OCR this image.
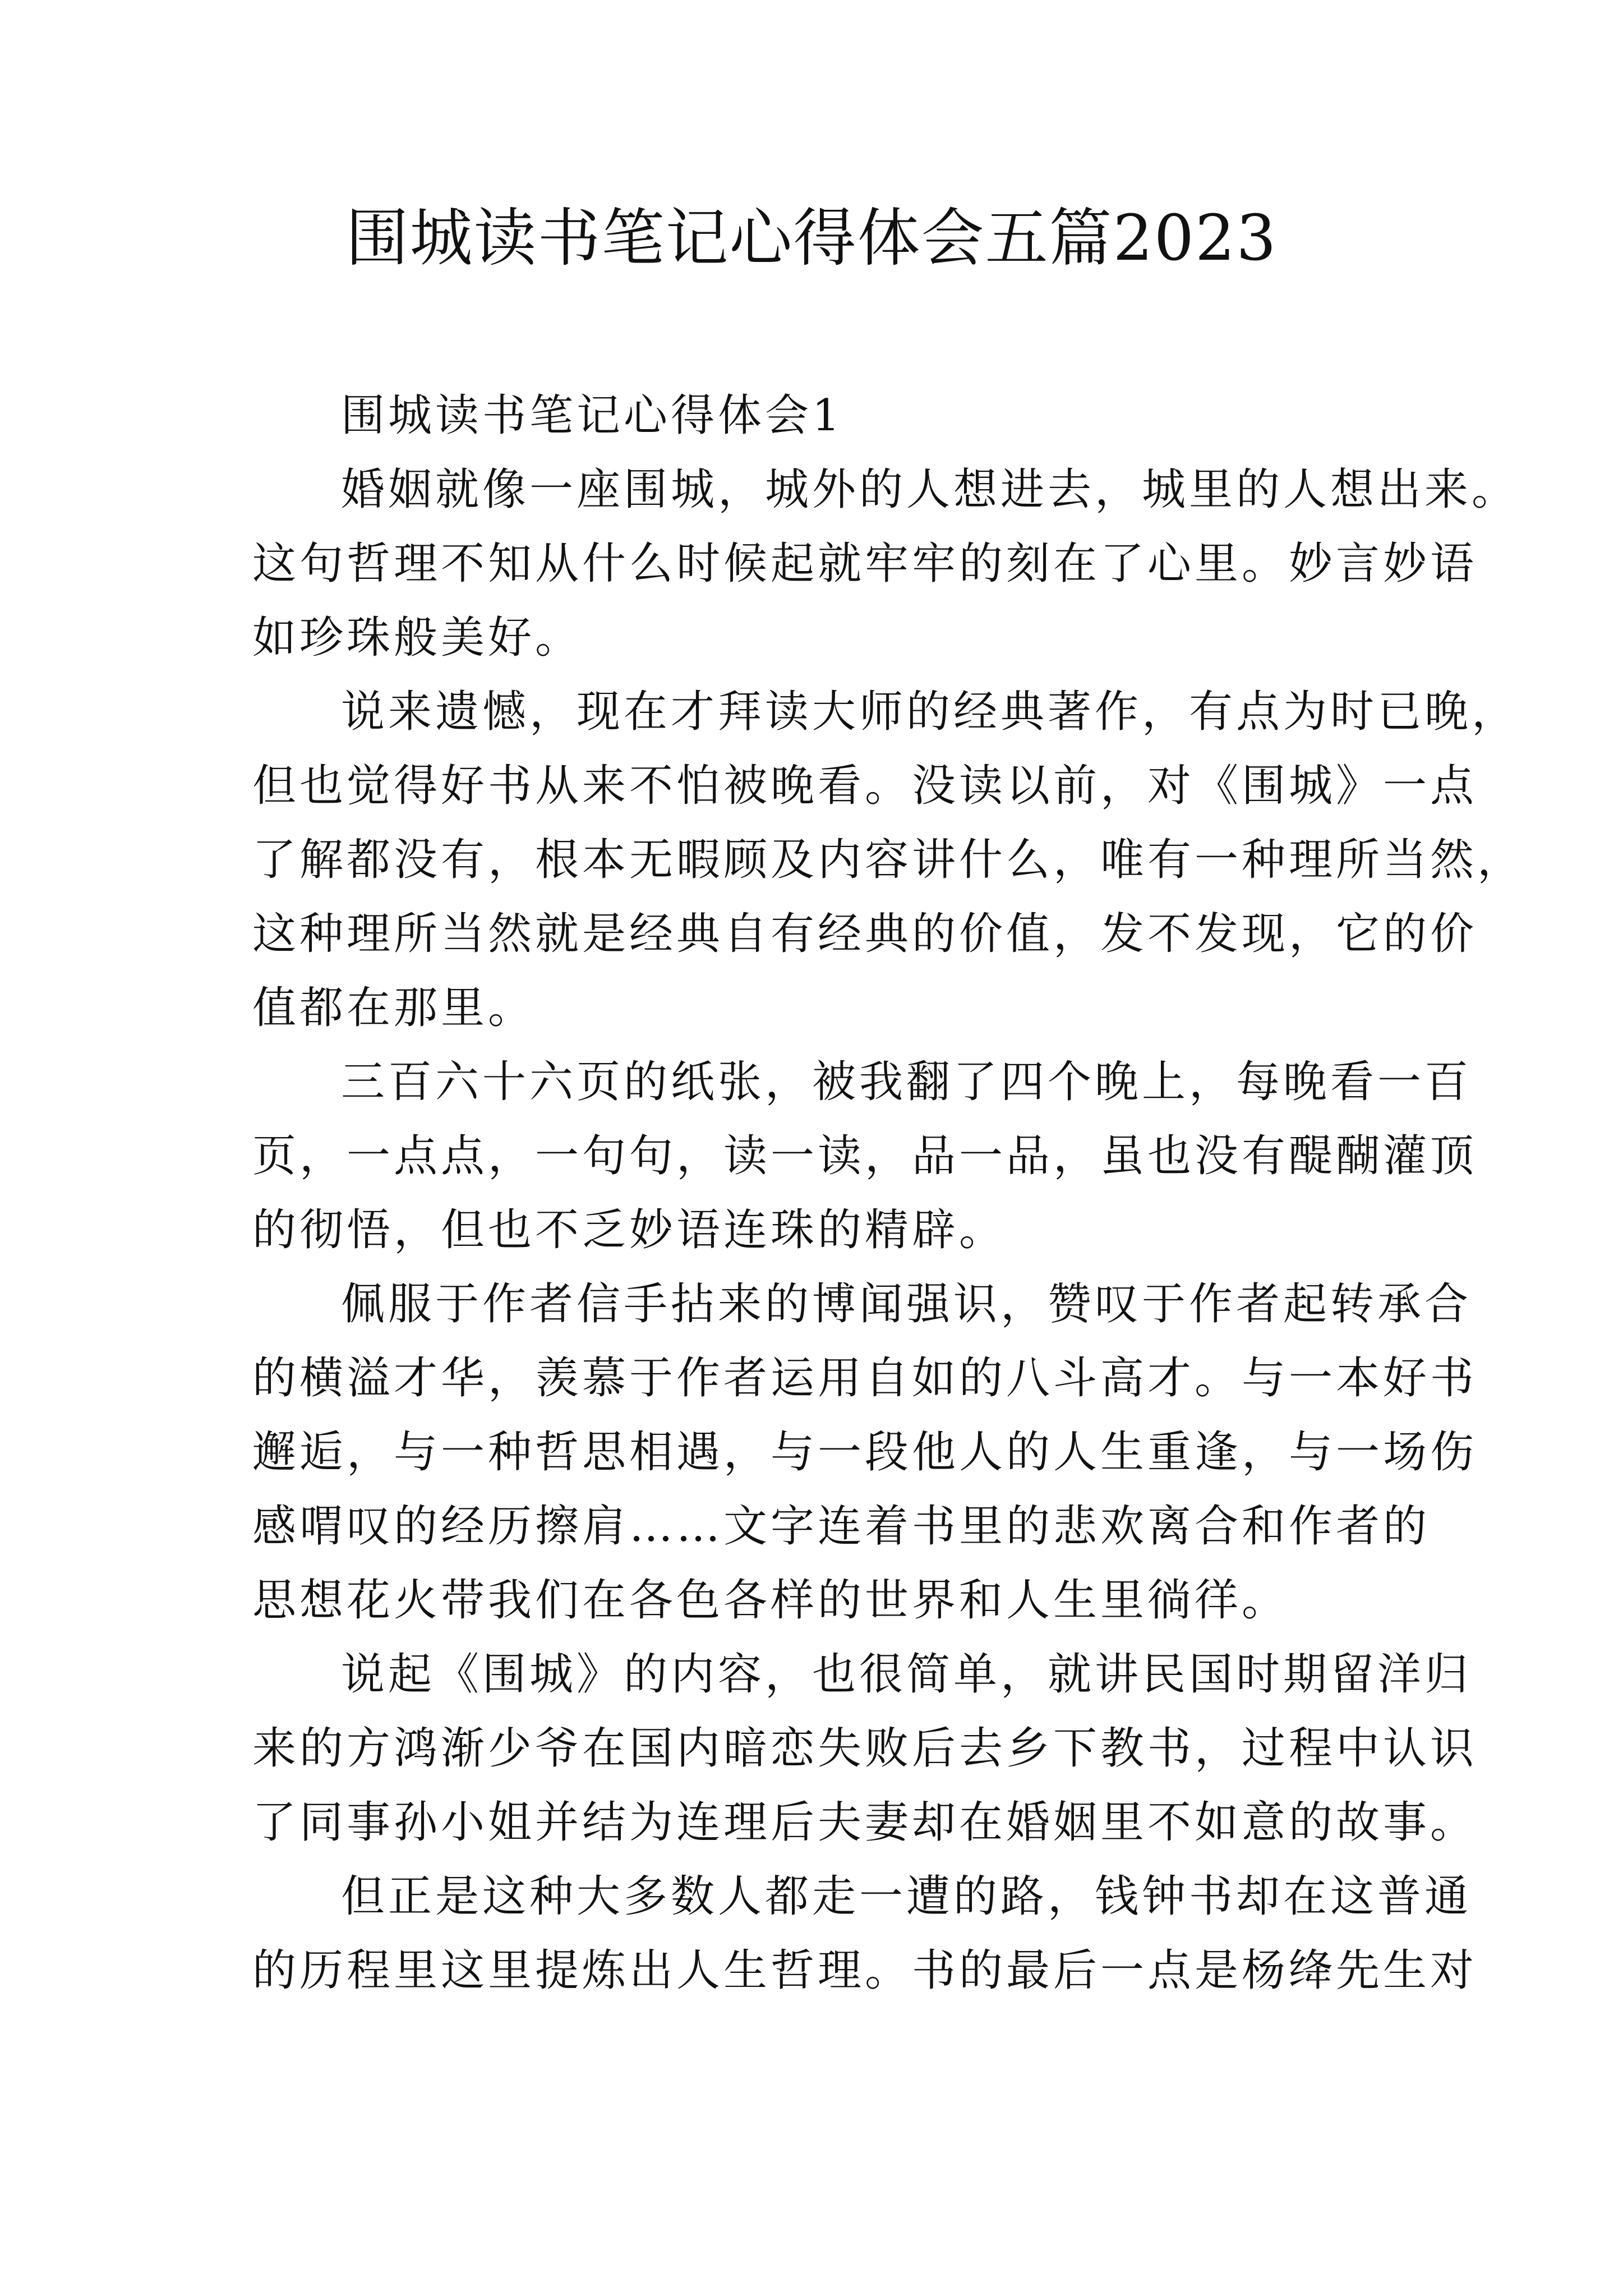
围城读书笔记心得体会五篇2023
围城读书笔记心得体会1
婚姻就像一座围城，城外的人想进去，城里的人想出来。
这句哲理不知从什么时候起就牢牢的刻在了心里。妙言妙语
如珍珠般美好。
说来遗憾，现在才拜读大师的经典著作，有点为时已晚，
但也觉得好书从来不怕被晚看。没读以前，对《围城》一点
了解都没有，根本无暇顾及内容讲什么，唯有一种理所当然，
这种理所当然就是经典自有经典的价值，发不发现，它的价
值都在那里。
三百六十六页的纸张，被我翻了四个晚上，每晚看一百
页，一点点，一句句，读一读，品一品，虽也没有醍醐灌顶
的彻悟，但也不乏妙语连珠的精辟。
佩服于作者信手拈来的博闻强识，赞叹于作者起转承合
的横溢才华，羡慕于作者运用自如的八斗高才。与一本好书
邂逅，与一种哲思相遇，与一段他人的人生重逢，与一场伤
感喟叹的经历擦肩……文字连着书里的悲欢离合和作者的
思想花火带我们在各色各样的世界和人生里徜徉。
说起《围城》的内容，也很简单，就讲民国时期留洋归
来的方鸿渐少爷在国内暗恋失败后去乡下教书，过程中认识
了同事孙小姐并结为连理后夫妻却在婚姻里不如意的故事。
但正是这种大多数人都走一遭的路，钱钟书却在这普通
的历程里这里提炼出人生哲理。书的最后一点是杨绛先生对
